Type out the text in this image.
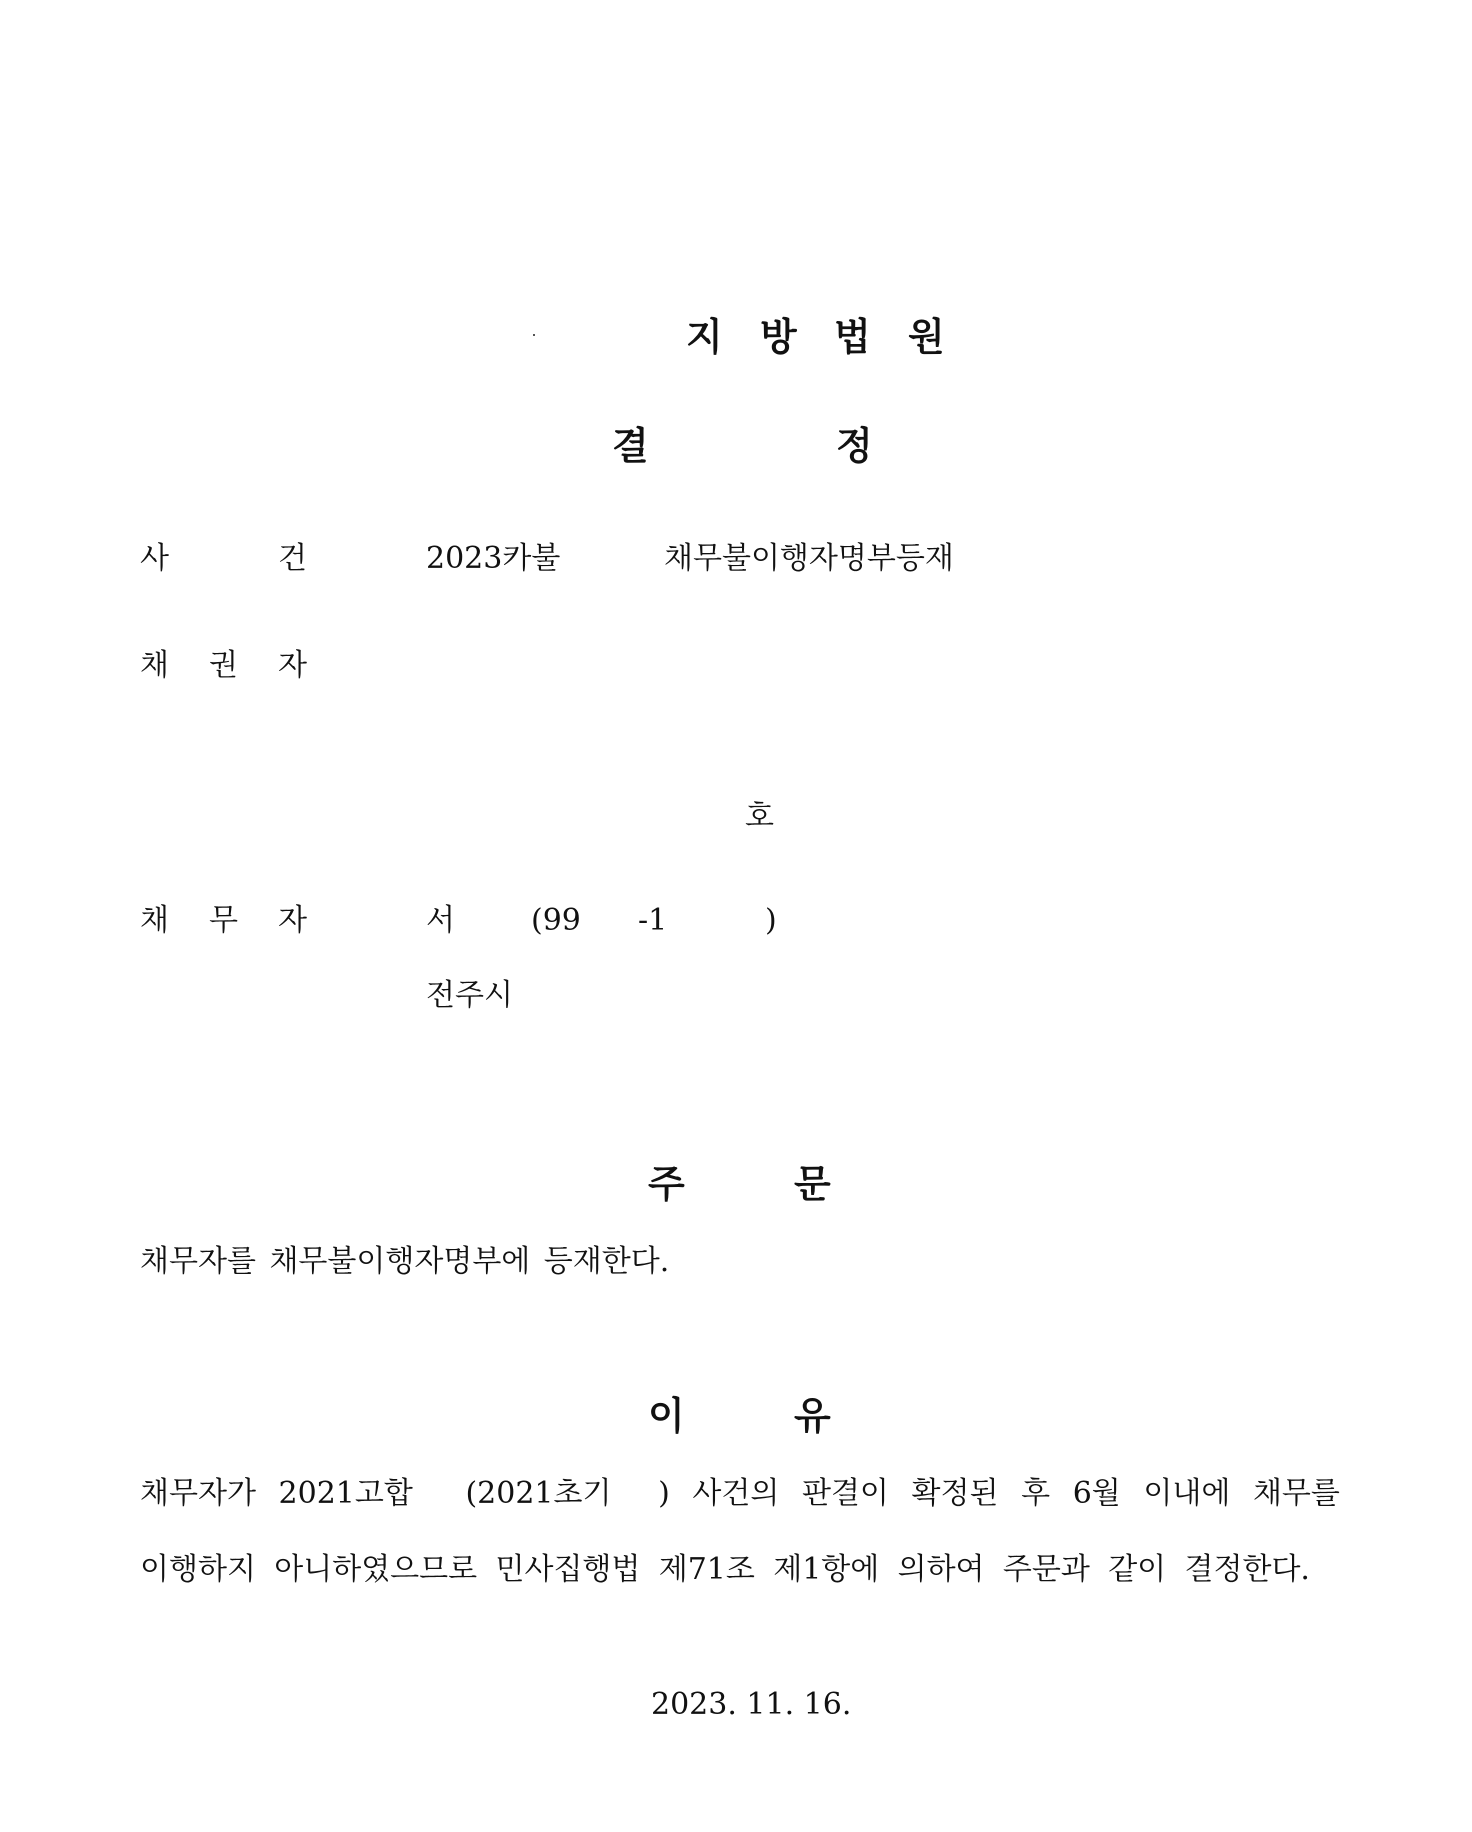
지 방 법 원
결	정
사	건	2023카불	채무불이행자명부등재
채 권 자
호
채 무 자	서	(99 -1	)
전주시
주	문
채무자를 채무불이행자명부에 등재한다.
이	유
채무자가 2021고합 (2021초기 ) 사건의 판결이 확정된 후 6월 이내에 채무를
이행하지 아니하였으므로 민사집행법 제71조 제1항에 의하여 주문과 같이 결정한다.
2023. 11. 16.
